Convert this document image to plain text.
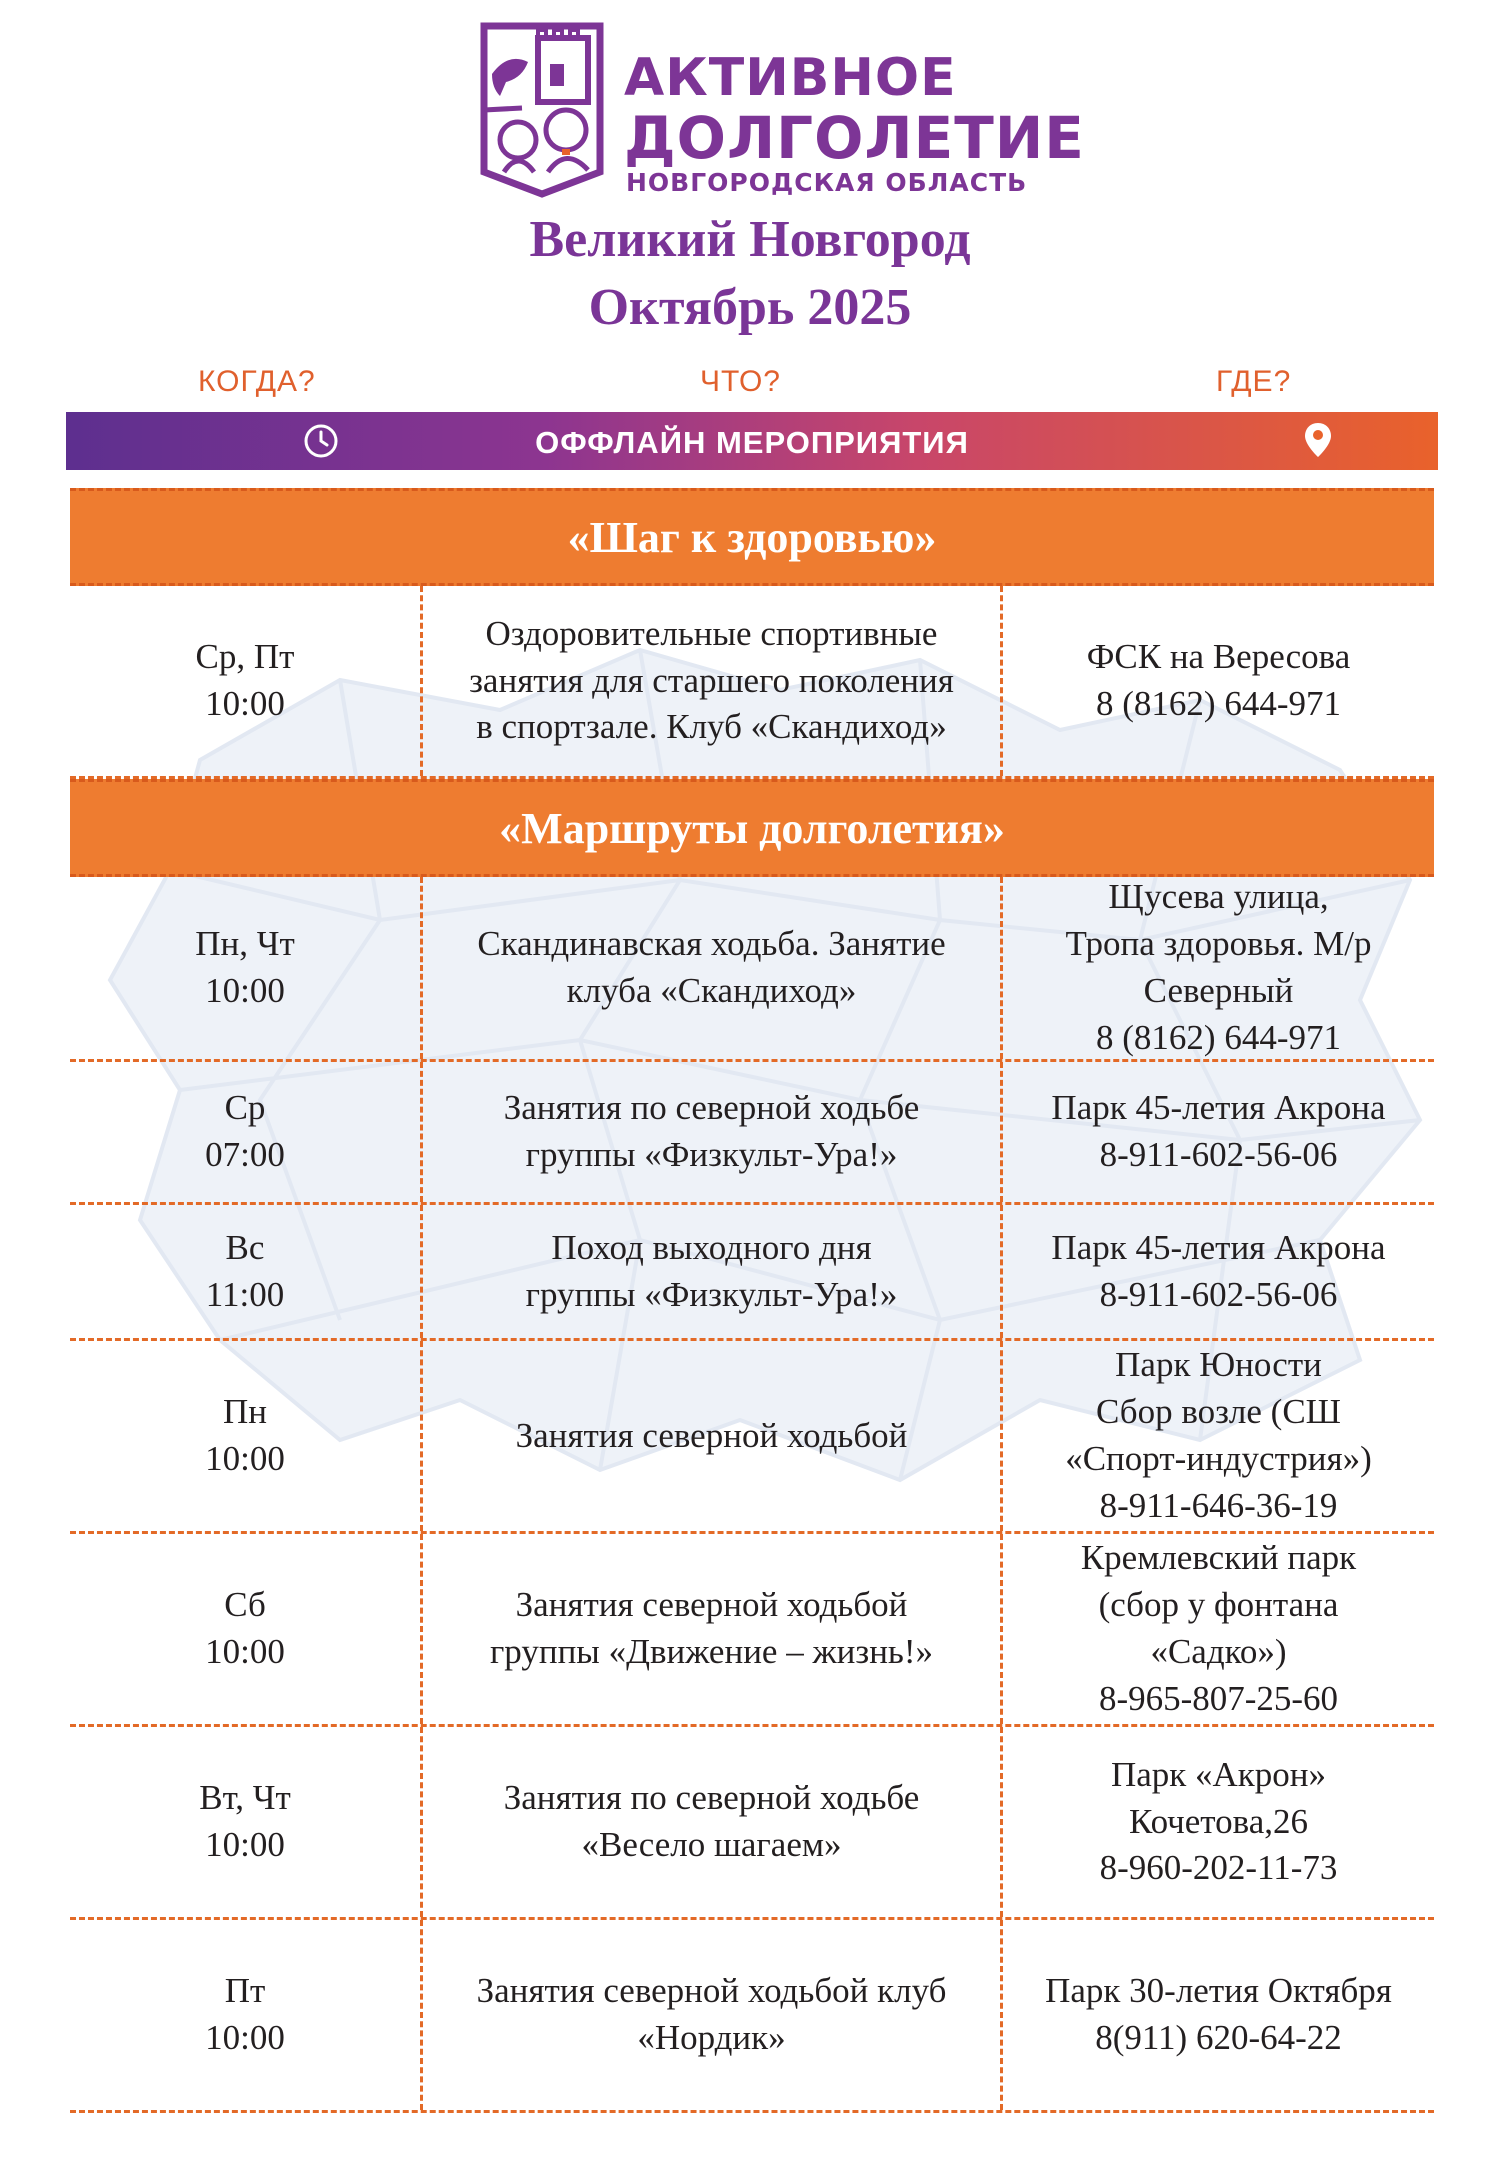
АКТИВНОЕ
ДОЛГОЛЕТИЕ
НОВГОРОДСКАЯ ОБЛАСТЬ
Великий Новгород
Октябрь 2025
КОГДА?	ЧТО?	ГДЕ?
ОФФЛАЙН МЕРОПРИЯТИЯ
«Шаг к здоровью»
Ср, Пт
10:00
Оздоровительные спортивные
занятия для старшего поколения
в спортзале. Клуб «Скандиход»
ФСК на Вересова
8 (8162) 644-971
«Маршруты долголетия»
Пн, Чт
10:00
Скандинавская ходьба. Занятие
клуба «Скандиход»
Щусева улица,
Тропа здоровья. М/р
Северный
8 (8162) 644-971
Ср
07:00
Занятия по северной ходьбе
группы «Физкульт-Ура!»
Парк 45-летия Акрона
8-911-602-56-06
Вс
11:00
Поход выходного дня
группы «Физкульт-Ура!»
Парк 45-летия Акрона
8-911-602-56-06
Пн
10:00
Занятия северной ходьбой
Парк Юности
Сбор возле (СШ
«Спорт-индустрия»)
8-911-646-36-19
Сб
10:00
Занятия северной ходьбой
группы «Движение – жизнь!»
Кремлевский парк
(сбор у фонтана
«Садко»)
8-965-807-25-60
Вт, Чт
10:00
Занятия по северной ходьбе
«Весело шагаем»
Парк «Акрон»
Кочетова,26
8-960-202-11-73
Пт
10:00
Занятия северной ходьбой клуб
«Нордик»
Парк 30-летия Октября
8(911) 620-64-22
